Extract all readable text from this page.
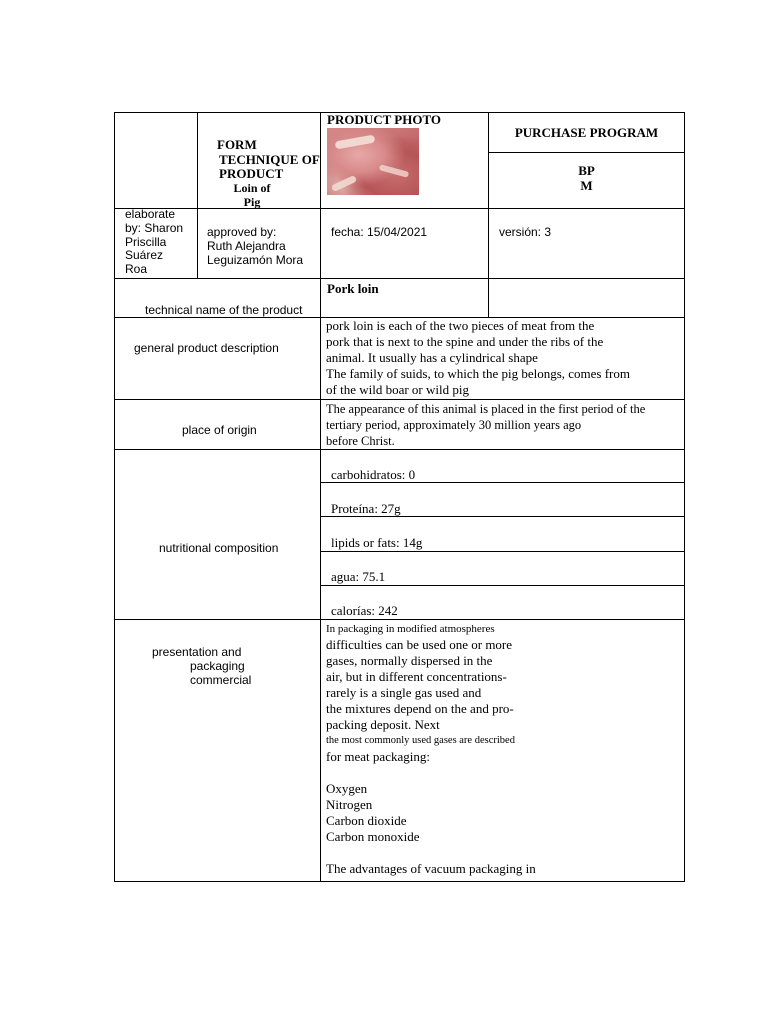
FORM
TECHNIQUE OF
PRODUCT
Loin of
Pig
PRODUCT PHOTO
PURCHASE PROGRAM
BP
M
elaborate
by: Sharon
Priscilla
Suárez
Roa
approved by:
Ruth Alejandra
Leguizamón Mora
fecha: 15/04/2021	versión: 3
technical name of the product
Pork loin
general product description
pork loin is each of the two pieces of meat from the
pork that is next to the spine and under the ribs of the
animal. It usually has a cylindrical shape
The family of suids, to which the pig belongs, comes from
of the wild boar or wild pig
place of origin
The appearance of this animal is placed in the first period of the
tertiary period, approximately 30 million years ago
before Christ.
nutritional composition
carbohidratos: 0
Proteína: 27g
lipids or fats: 14g
agua: 75.1
calorías: 242
presentation and
packaging
commercial
In packaging in modified atmospheres
difficulties can be used one or more
gases, normally dispersed in the
air, but in different concentrations-
rarely is a single gas used and
the mixtures depend on the and pro-
packing deposit. Next
the most commonly used gases are described
for meat packaging:
Oxygen
Nitrogen
Carbon dioxide
Carbon monoxide
The advantages of vacuum packaging in
